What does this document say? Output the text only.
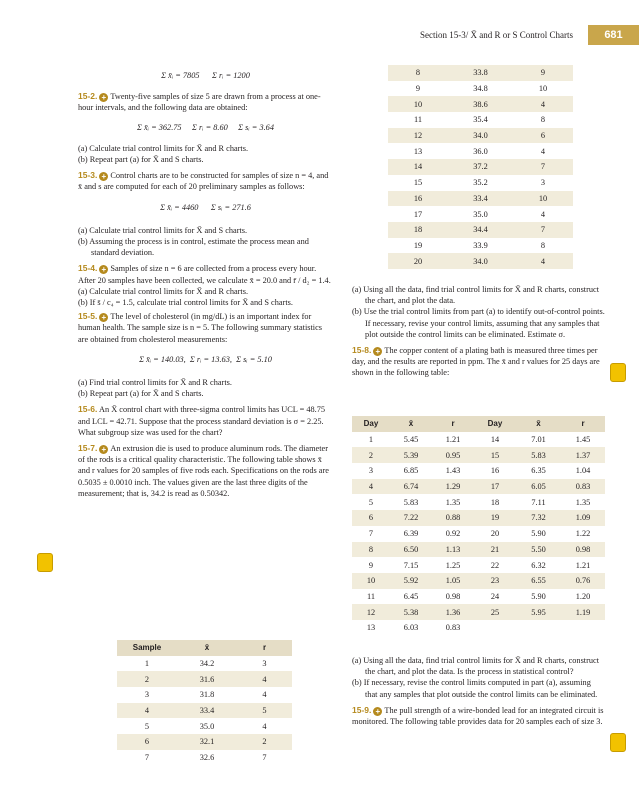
Section 15-3/ X̄ and R or S Control Charts	681

Σ x̄ᵢ = 7805 Σ rᵢ = 1200

15-2. + Twenty-five samples of size 5 are drawn from a process at one-hour intervals, and the following data are obtained:

Σ x̄ᵢ = 362.75 Σ rᵢ = 8.60 Σ sᵢ = 3.64

(a) Calculate trial control limits for X̄ and R charts.

(b) Repeat part (a) for X̄ and S charts.

15-3. + Control charts are to be constructed for samples of size n = 4, and x̄ and s are computed for each of 20 preliminary samples as follows:

Σ x̄ᵢ = 4460 Σ sᵢ = 271.6

(a) Calculate trial control limits for X̄ and S charts.

(b) Assuming the process is in control, estimate the process mean and standard deviation.

15-4. + Samples of size n = 6 are collected from a process every hour. After 20 samples have been collected, we calculate x̄̄ = 20.0 and r̄ / d₂ = 1.4.

(a) Calculate trial control limits for X̄ and R charts.

(b) If s̄ / c₄ = 1.5, calculate trial control limits for X̄ and S charts.

15-5. + The level of cholesterol (in mg/dL) is an important index for human health. The sample size is n = 5. The following summary statistics are obtained from cholesterol measurements:

Σ x̄ᵢ = 140.03, Σ rᵢ = 13.63, Σ sᵢ = 5.10

(a) Find trial control limits for X̄ and R charts.

(b) Repeat part (a) for X̄ and S charts.

15-6. An X̄ control chart with three-sigma control limits has UCL = 48.75 and LCL = 42.71. Suppose that the process standard deviation is σ = 2.25. What subgroup size was used for the chart?

15-7. + An extrusion die is used to produce aluminum rods. The diameter of the rods is a critical quality characteristic. The following table shows x̄ and r values for 20 samples of five rods each. Specifications on the rods are 0.5035 ± 0.0010 inch. The values given are the last three digits of the measurement; that is, 34.2 is read as 0.50342.

Sample	x̄	r
1	34.2	3
2	31.6	4
3	31.8	4
4	33.4	5
5	35.0	4
6	32.1	2
7	32.6	7
8	33.8	9
9	34.8	10
10	38.6	4
11	35.4	8
12	34.0	6
13	36.0	4
14	37.2	7
15	35.2	3
16	33.4	10
17	35.0	4
18	34.4	7
19	33.9	8
20	34.0	4

(a) Using all the data, find trial control limits for X̄ and R charts, construct the chart, and plot the data.

(b) Use the trial control limits from part (a) to identify out-of-control points. If necessary, revise your control limits, assuming that any samples that plot outside the control limits can be eliminated. Estimate σ.

15-8. + The copper content of a plating bath is measured three times per day, and the results are reported in ppm. The x̄ and r values for 25 days are shown in the following table:

Day	x̄	r	Day	x̄	r
1	5.45	1.21	14	7.01	1.45
2	5.39	0.95	15	5.83	1.37
3	6.85	1.43	16	6.35	1.04
4	6.74	1.29	17	6.05	0.83
5	5.83	1.35	18	7.11	1.35
6	7.22	0.88	19	7.32	1.09
7	6.39	0.92	20	5.90	1.22
8	6.50	1.13	21	5.50	0.98
9	7.15	1.25	22	6.32	1.21
10	5.92	1.05	23	6.55	0.76
11	6.45	0.98	24	5.90	1.20
12	5.38	1.36	25	5.95	1.19
13	6.03	0.83			

(a) Using all the data, find trial control limits for X̄ and R charts, construct the chart, and plot the data. Is the process in statistical control?

(b) If necessary, revise the control limits computed in part (a), assuming that any samples that plot outside the control limits can be eliminated.

15-9. + The pull strength of a wire-bonded lead for an integrated circuit is monitored. The following table provides data for 20 samples each of size 3.
